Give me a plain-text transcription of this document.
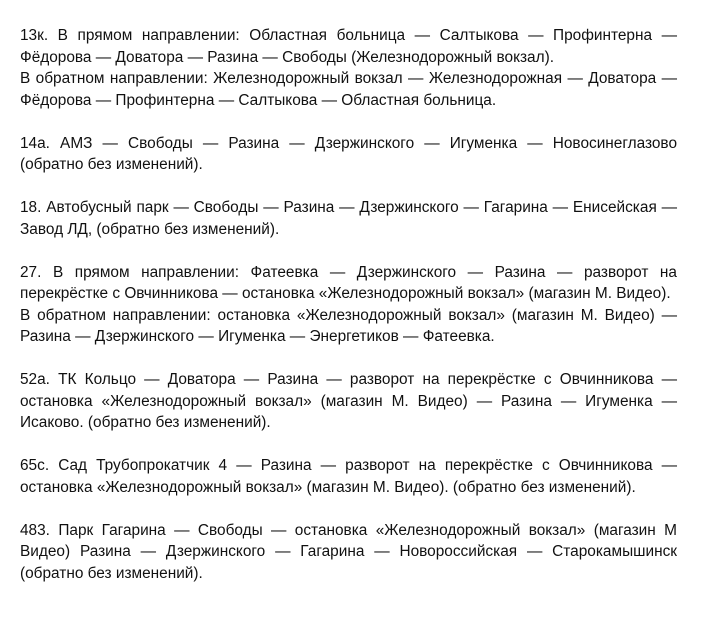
13к. В прямом направлении: Областная больница — Салтыкова — Профинтерна — Фёдорова — Доватора — Разина — Свободы (Железнодорожный вокзал).
В обратном направлении: Железнодорожный вокзал — Железнодорожная — Доватора — Фёдорова — Профинтерна — Салтыкова — Областная больница.
14а. АМЗ — Свободы — Разина — Дзержинского — Игуменка — Новосинеглазово (обратно без изменений).
18. Автобусный парк — Свободы — Разина — Дзержинского — Гагарина — Енисейская — Завод ЛД, (обратно без изменений).
27. В прямом направлении: Фатеевка — Дзержинского — Разина — разворот на перекрёстке с Овчинникова — остановка «Железнодорожный вокзал» (магазин М. Видео).
В обратном направлении: остановка «Железнодорожный вокзал» (магазин М. Видео) — Разина — Дзержинского — Игуменка — Энергетиков — Фатеевка.
52а. ТК Кольцо — Доватора — Разина — разворот на перекрёстке с Овчинникова — остановка «Железнодорожный вокзал» (магазин М. Видео) — Разина — Игуменка — Исаково. (обратно без изменений).
65с. Сад Трубопрокатчик 4 — Разина — разворот на перекрёстке с Овчинникова — остановка «Железнодорожный вокзал» (магазин М. Видео). (обратно без изменений).
483. Парк Гагарина — Свободы — остановка «Железнодорожный вокзал» (магазин М Видео) Разина — Дзержинского — Гагарина — Новороссийская — Старокамышинск (обратно без изменений).
